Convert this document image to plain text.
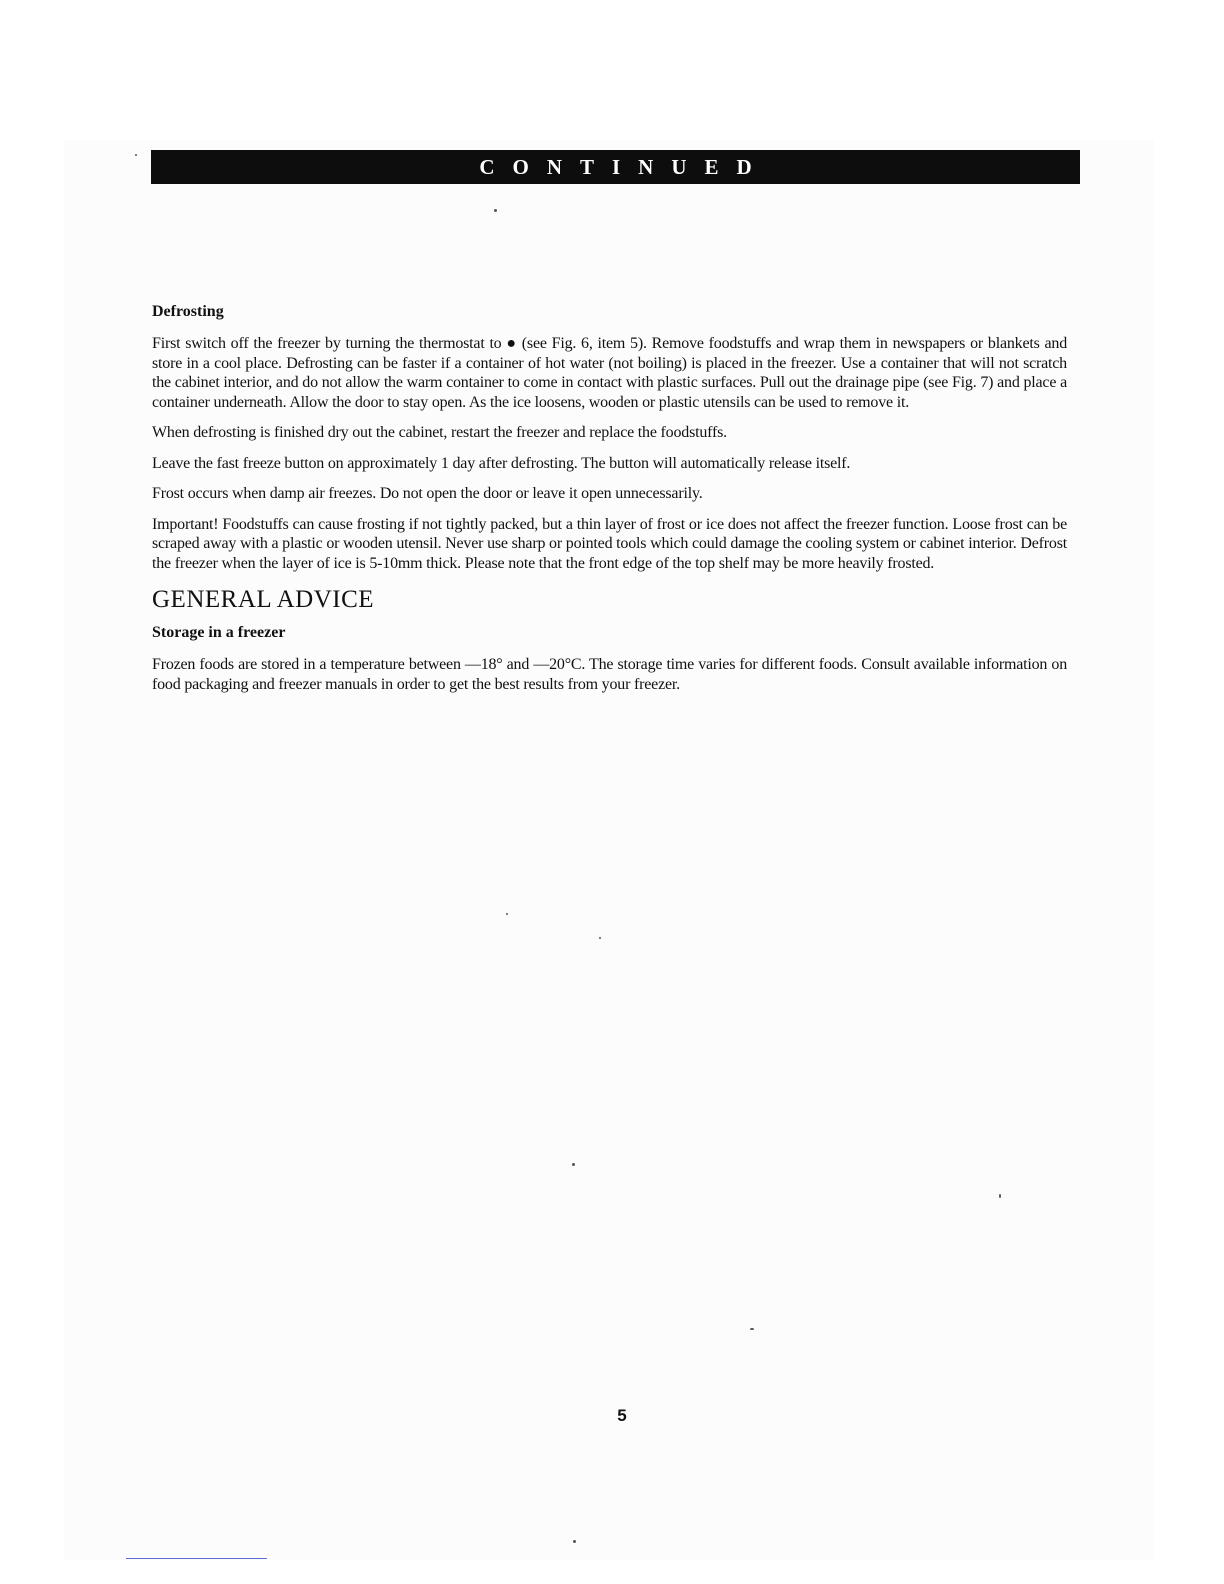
CONTINUED
Defrosting

First switch off the freezer by turning the thermostat to ● (see Fig. 6, item 5). Remove foodstuffs and wrap them in newspapers or blankets and store in a cool place. Defrosting can be faster if a container of hot water (not boiling) is placed in the freezer. Use a container that will not scratch the cabinet interior, and do not allow the warm container to come in contact with plastic surfaces. Pull out the drainage pipe (see Fig. 7) and place a container underneath. Allow the door to stay open. As the ice loosens, wooden or plastic utensils can be used to remove it.

When defrosting is finished dry out the cabinet, restart the freezer and replace the foodstuffs.

Leave the fast freeze button on approximately 1 day after defrosting. The button will automatically release itself.

Frost occurs when damp air freezes. Do not open the door or leave it open unnecessarily.

Important! Foodstuffs can cause frosting if not tightly packed, but a thin layer of frost or ice does not affect the freezer function. Loose frost can be scraped away with a plastic or wooden utensil. Never use sharp or pointed tools which could damage the cooling system or cabinet interior. Defrost the freezer when the layer of ice is 5-10mm thick. Please note that the front edge of the top shelf may be more heavily frosted.

GENERAL ADVICE
Storage in a freezer

Frozen foods are stored in a temperature between —18° and —20°C. The storage time varies for different foods. Consult available information on food packaging and freezer manuals in order to get the best results from your freezer.

5
